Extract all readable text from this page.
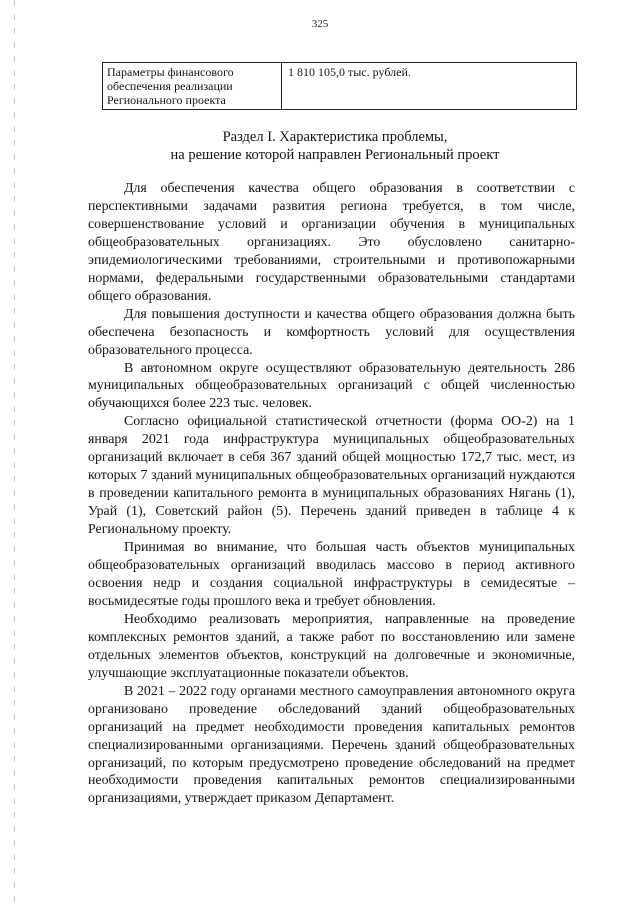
325
Параметры финансового обеспечения реализации Регионального проекта	1 810 105,0 тыс. рублей.
Раздел I. Характеристика проблемы,
на решение которой направлен Региональный проект

Для обеспечения качества общего образования в соответствии с перспективными задачами развития региона требуется, в том числе, совершенствование условий и организации обучения в муниципальных общеобразовательных организациях. Это обусловлено санитарно-эпидемиологическими требованиями, строительными и противопожарными нормами, федеральными государственными образовательными стандартами общего образования.

Для повышения доступности и качества общего образования должна быть обеспечена безопасность и комфортность условий для осуществления образовательного процесса.

В автономном округе осуществляют образовательную деятельность 286 муниципальных общеобразовательных организаций с общей численностью обучающихся более 223 тыс. человек.

Согласно официальной статистической отчетности (форма ОО-2) на 1 января 2021 года инфраструктура муниципальных общеобразовательных организаций включает в себя 367 зданий общей мощностью 172,7 тыс. мест, из которых 7 зданий муниципальных общеобразовательных организаций нуждаются в проведении капитального ремонта в муниципальных образованиях Нягань (1), Урай (1), Советский район (5). Перечень зданий приведен в таблице 4 к Региональному проекту.

Принимая во внимание, что большая часть объектов муниципальных общеобразовательных организаций вводилась массово в период активного освоения недр и создания социальной инфраструктуры в семидесятые – восьмидесятые годы прошлого века и требует обновления.

Необходимо реализовать мероприятия, направленные на проведение комплексных ремонтов зданий, а также работ по восстановлению или замене отдельных элементов объектов, конструкций на долговечные и экономичные, улучшающие эксплуатационные показатели объектов.

В 2021 – 2022 году органами местного самоуправления автономного округа организовано проведение обследований зданий общеобразовательных организаций на предмет необходимости проведения капитальных ремонтов специализированными организациями. Перечень зданий общеобразовательных организаций, по которым предусмотрено проведение обследований на предмет необходимости проведения капитальных ремонтов специализированными организациями, утверждает приказом Департамент.
